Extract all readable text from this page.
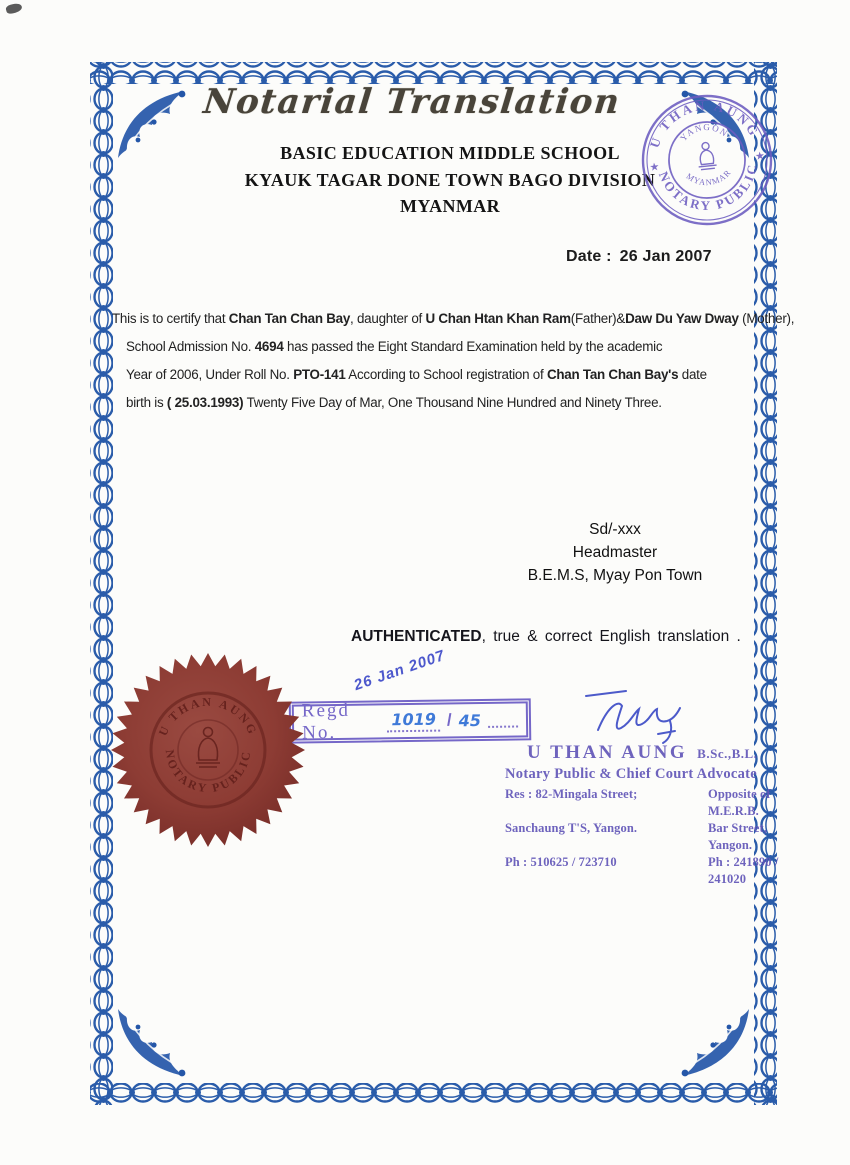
Notarial Translation
BASIC EDUCATION MIDDLE SCHOOL
KYAUK TAGAR DONE TOWN BAGO DIVISION
MYANMAR
U THAN AUNG
NOTARY PUBLIC
YANGON
MYANMAR
★
★
Date : 26 Jan 2007
This is to certify that Chan Tan Chan Bay, daughter of U Chan Htan Khan Ram(Father)&Daw Du Yaw Dway (Mother),
School Admission No. 4694 has passed the Eight Standard Examination held by the academic
Year of 2006, Under Roll No. PTO-141 According to School registration of Chan Tan Chan Bay's date
birth is ( 25.03.1993) Twenty Five Day of Mar, One Thousand Nine Hundred and Ninety Three.
Sd/-xxx
Headmaster
B.E.M.S, Myay Pon Town
AUTHENTICATED, true & correct English translation .
26 Jan 2007
Regd No.
1019 / 45
U THAN AUNG
NOTARY PUBLIC	U THAN AUNG B.Sc.,B.L.
Notary Public & Chief Court Advocate
Res : 82-Mingala Street;	Opposite of M.E.R.B.
Sanchaung T'S, Yangon.	Bar Street, Yangon.
Ph : 510625 / 723710	Ph : 241890 / 241020
